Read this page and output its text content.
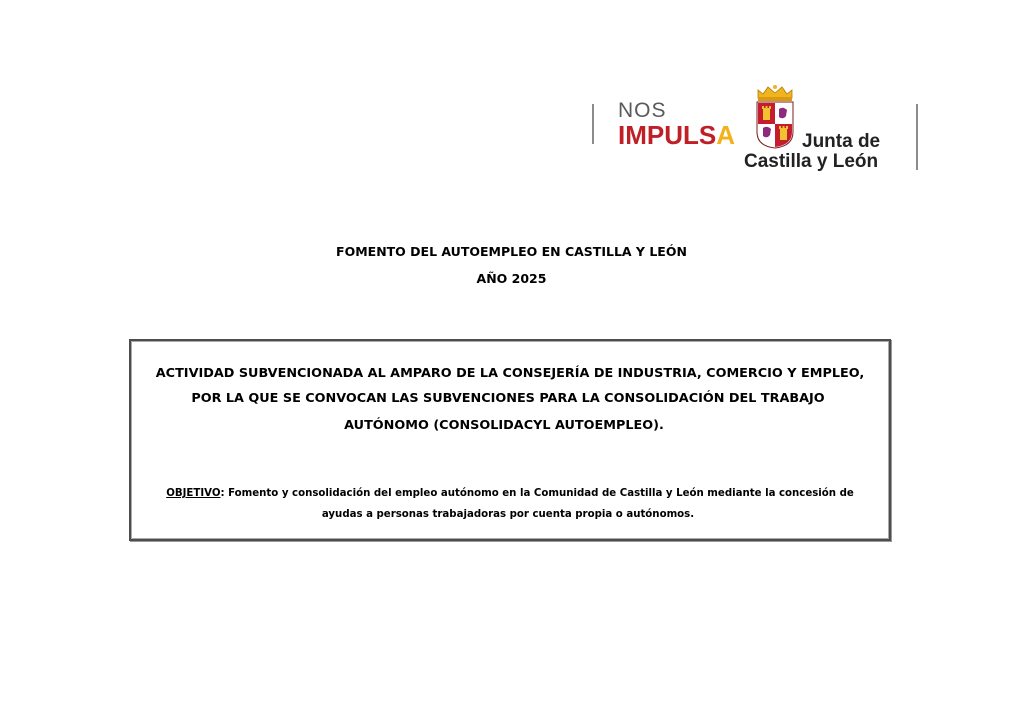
NOS
IMPULSA	Junta de
Castilla y León
FOMENTO DEL AUTOEMPLEO EN CASTILLA Y LEÓN
AÑO 2025
ACTIVIDAD SUBVENCIONADA AL AMPARO DE LA CONSEJERÍA DE INDUSTRIA, COMERCIO Y EMPLEO,
POR LA QUE SE CONVOCAN LAS SUBVENCIONES PARA LA CONSOLIDACIÓN DEL TRABAJO
AUTÓNOMO (CONSOLIDACYL AUTOEMPLEO).
OBJETIVO: Fomento y consolidación del empleo autónomo en la Comunidad de Castilla y León mediante la concesión de
ayudas a personas trabajadoras por cuenta propia o autónomos.
